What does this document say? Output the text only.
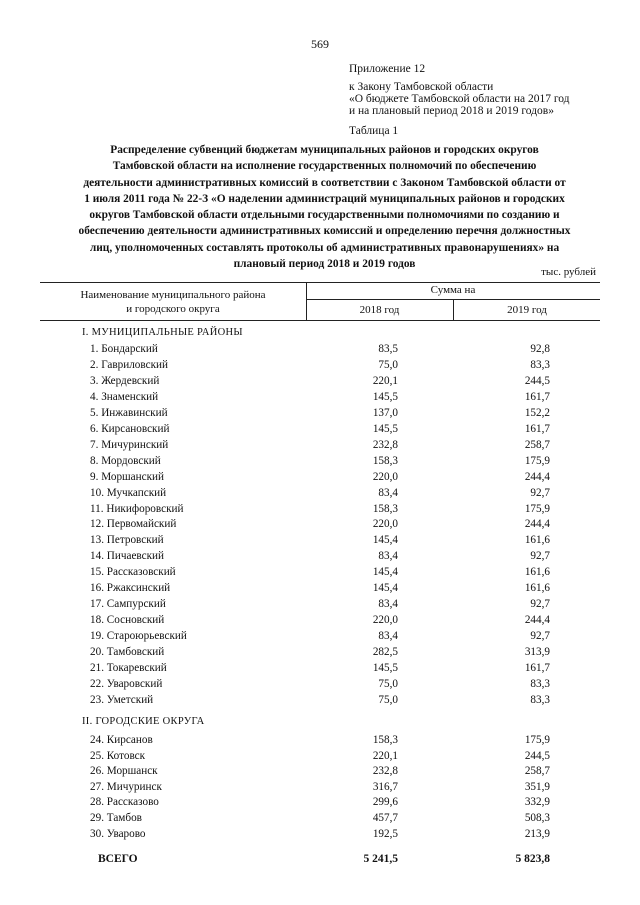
569
Приложение 12
к Закону Тамбовской области
«О бюджете Тамбовской области на 2017 год
и на плановый период 2018 и 2019 годов»
Таблица 1
Распределение субвенций бюджетам муниципальных районов и городских округов
Тамбовской области на исполнение государственных полномочий по обеспечению
деятельности административных комиссий в соответствии с Законом Тамбовской области от
1 июля 2011 года № 22-З «О наделении администраций муниципальных районов и городских
округов Тамбовской области отдельными государственными полномочиями по созданию и
обеспечению деятельности административных комиссий и определению перечня должностных
лиц, уполномоченных составлять протоколы об административных правонарушениях» на
плановый период 2018 и 2019 годов
тыс. рублей
Наименование муниципального района
и городского округа
Сумма на
2018 год	2019 год
I. МУНИЦИПАЛЬНЫЕ РАЙОНЫ
1. Бондарский	83,5	92,8
2. Гавриловский	75,0	83,3
3. Жердевский	220,1	244,5
4. Знаменский	145,5	161,7
5. Инжавинский	137,0	152,2
6. Кирсановский	145,5	161,7
7. Мичуринский	232,8	258,7
8. Мордовский	158,3	175,9
9. Моршанский	220,0	244,4
10. Мучкапский	83,4	92,7
11. Никифоровский	158,3	175,9
12. Первомайский	220,0	244,4
13. Петровский	145,4	161,6
14. Пичаевский	83,4	92,7
15. Рассказовский	145,4	161,6
16. Ржаксинский	145,4	161,6
17. Сампурский	83,4	92,7
18. Сосновский	220,0	244,4
19. Староюрьевский	83,4	92,7
20. Тамбовский	282,5	313,9
21. Токаревский	145,5	161,7
22. Уваровский	75,0	83,3
23. Уметский	75,0	83,3
II. ГОРОДСКИЕ ОКРУГА
24. Кирсанов	158,3	175,9
25. Котовск	220,1	244,5
26. Моршанск	232,8	258,7
27. Мичуринск	316,7	351,9
28. Рассказово	299,6	332,9
29. Тамбов	457,7	508,3
30. Уварово	192,5	213,9
ВСЕГО	5 241,5	5 823,8
